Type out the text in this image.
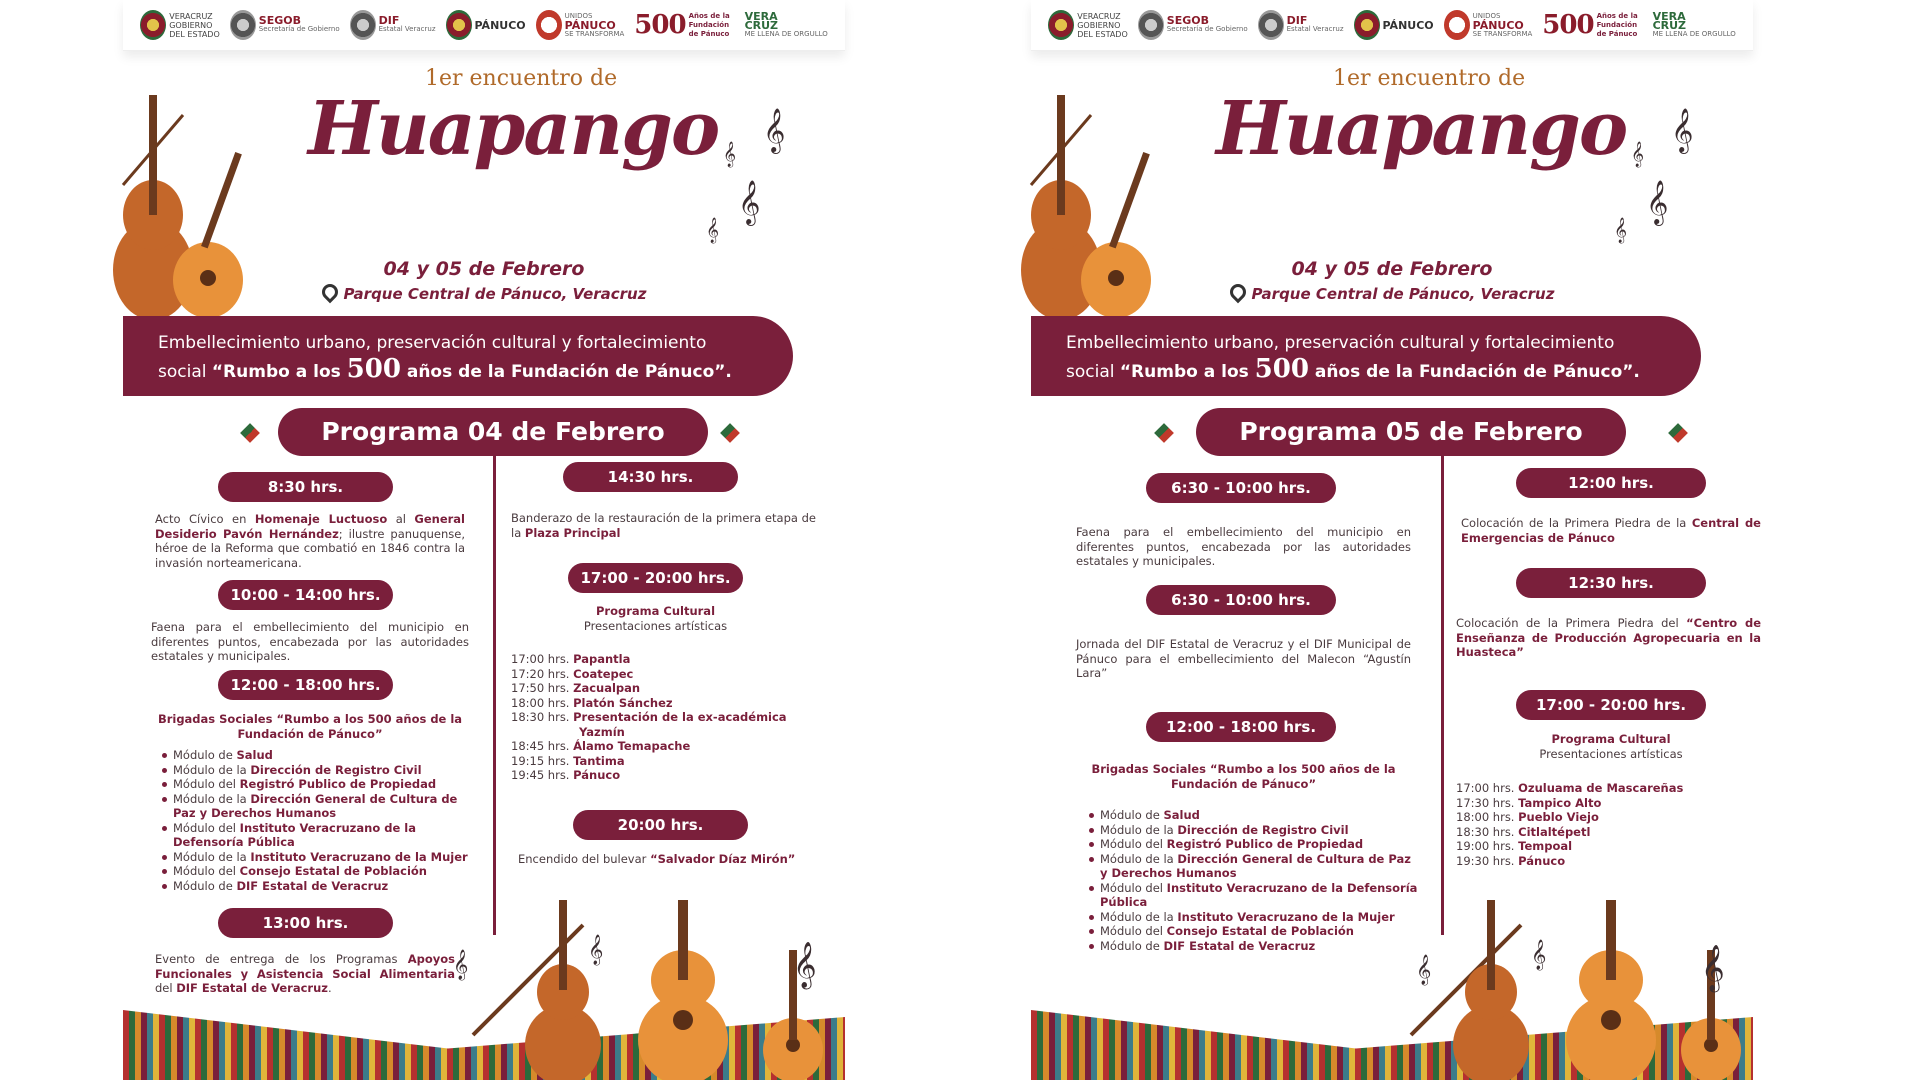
VERACRUZ
GOBIERNO
DEL ESTADO
SEGOB
Secretaría de Gobierno
DIF
Estatal Veracruz	PÁNUCO
UNIDOS
PÁNUCO
SE TRANSFORMA 500 Años de la Fundación de Pánuco
VERA CRUZ
ME LLENA DE ORGULLO
𝄞
𝄞
𝄞
𝄞
1er encuentro de
Huapango
04 y 05 de Febrero
Parque Central de Pánuco, Veracruz
Embellecimiento urbano, preservación cultural y fortalecimiento
social “Rumbo a los 500 años de la Fundación de Pánuco”.
Programa 04 de Febrero
8:30 hrs.
Acto Cívico en Homenaje Luctuoso al General Desiderio Pavón Hernández; ilustre panuquense, héroe de la Reforma que combatió en 1846 contra la invasión norteamericana.
10:00 - 14:00 hrs.
Faena para el embellecimiento del municipio en diferentes puntos, encabezada por las autoridades estatales y municipales.
12:00 - 18:00 hrs.
Brigadas Sociales “Rumbo a los 500 años de la Fundación de Pánuco”
Módulo de Salud
Módulo de la Dirección de Registro Civil
Módulo del Registró Publico de Propiedad
Módulo de la Dirección General de Cultura de Paz y Derechos Humanos
Módulo del Instituto Veracruzano de la Defensoría Pública
Módulo de la Instituto Veracruzano de la Mujer
Módulo del Consejo Estatal de Población
Módulo de DIF Estatal de Veracruz
13:00 hrs.
Evento de entrega de los Programas Apoyos Funcionales y Asistencia Social Alimentaria del DIF Estatal de Veracruz.
14:30 hrs.
Banderazo de la restauración de la primera etapa de la Plaza Principal
17:00 - 20:00 hrs.
Programa Cultural
Presentaciones artísticas
17:00 hrs. Papantla
17:20 hrs. Coatepec
17:50 hrs. Zacualpan
18:00 hrs. Platón Sánchez
18:30 hrs. Presentación de la ex-académica
Yazmín
18:45 hrs. Álamo Temapache
19:15 hrs. Tantima
19:45 hrs. Pánuco
20:00 hrs.
Encendido del bulevar “Salvador Díaz Mirón”
𝄞	𝄞
𝄞
VERACRUZ
GOBIERNO
DEL ESTADO
SEGOB
Secretaría de Gobierno
DIF
Estatal Veracruz	PÁNUCO
UNIDOS
PÁNUCO
SE TRANSFORMA 500 Años de la Fundación de Pánuco
VERA CRUZ
ME LLENA DE ORGULLO
𝄞
𝄞
𝄞
𝄞
1er encuentro de
Huapango
04 y 05 de Febrero
Parque Central de Pánuco, Veracruz
Embellecimiento urbano, preservación cultural y fortalecimiento
social “Rumbo a los 500 años de la Fundación de Pánuco”.
Programa 05 de Febrero
6:30 - 10:00 hrs.
Faena para el embellecimiento del municipio en diferentes puntos, encabezada por las autoridades estatales y municipales.
6:30 - 10:00 hrs.
Jornada del DIF Estatal de Veracruz y el DIF Municipal de Pánuco para el embellecimiento del Malecon “Agustín Lara”
12:00 - 18:00 hrs.
Brigadas Sociales “Rumbo a los 500 años de la Fundación de Pánuco”
Módulo de Salud
Módulo de la Dirección de Registro Civil
Módulo del Registró Publico de Propiedad
Módulo de la Dirección General de Cultura de Paz y Derechos Humanos
Módulo del Instituto Veracruzano de la Defensoría Pública
Módulo de la Instituto Veracruzano de la Mujer
Módulo del Consejo Estatal de Población
Módulo de DIF Estatal de Veracruz
12:00 hrs.
Colocación de la Primera Piedra de la Central de Emergencias de Pánuco
12:30 hrs.
Colocación de la Primera Piedra del “Centro de Enseñanza de Producción Agropecuaria en la Huasteca”
17:00 - 20:00 hrs.
Programa Cultural
Presentaciones artísticas
17:00 hrs. Ozuluama de Mascareñas
17:30 hrs. Tampico Alto
18:00 hrs. Pueblo Viejo
18:30 hrs. Citlaltépetl
19:00 hrs. Tempoal
19:30 hrs. Pánuco
𝄞	𝄞
𝄞
